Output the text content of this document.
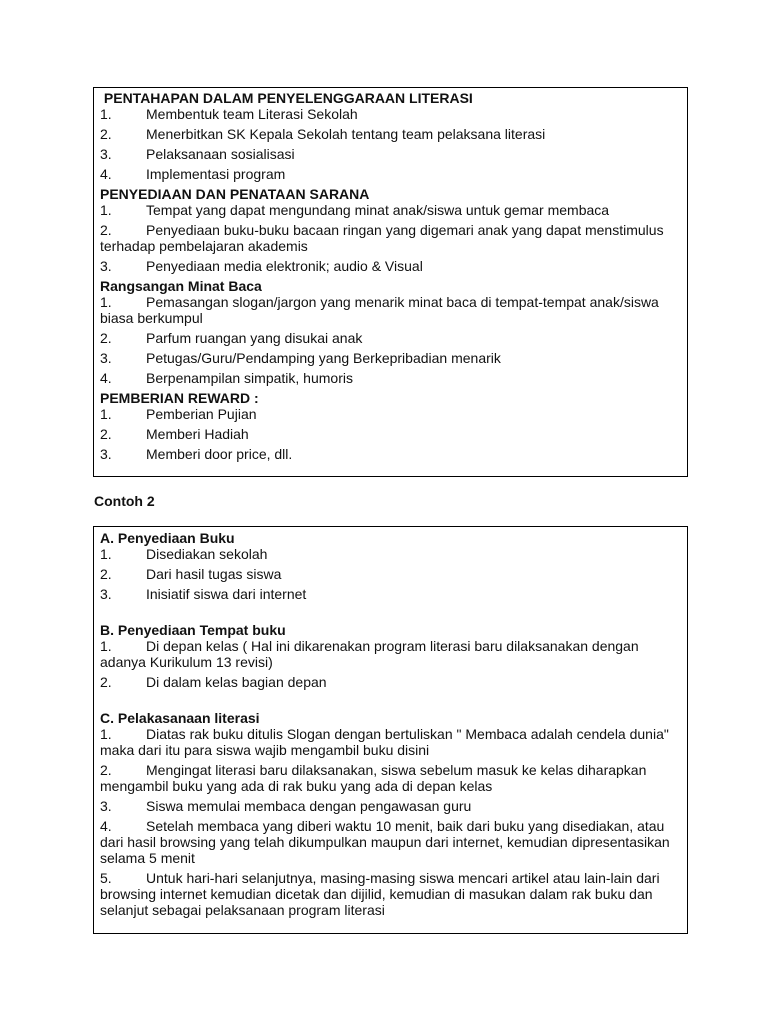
PENTAHAPAN DALAM PENYELENGGARAAN LITERASI

1. Membentuk team Literasi Sekolah

2. Menerbitkan SK Kepala Sekolah tentang team pelaksana literasi

3. Pelaksanaan sosialisasi

4. Implementasi program

PENYEDIAAN DAN PENATAAN SARANA

1. Tempat yang dapat mengundang minat anak/siswa untuk gemar membaca

2. Penyediaan buku-buku bacaan ringan yang digemari anak yang dapat menstimulus terhadap pembelajaran akademis

3. Penyediaan media elektronik; audio & Visual

Rangsangan Minat Baca

1. Pemasangan slogan/jargon yang menarik minat baca di tempat-tempat anak/siswa biasa berkumpul

2. Parfum ruangan yang disukai anak

3. Petugas/Guru/Pendamping yang Berkepribadian menarik

4. Berpenampilan simpatik, humoris

PEMBERIAN REWARD :

1. Pemberian Pujian

2. Memberi Hadiah

3. Memberi door price, dll.

Contoh 2

A. Penyediaan Buku

1. Disediakan sekolah

2. Dari hasil tugas siswa

3. Inisiatif siswa dari internet

B. Penyediaan Tempat buku

1. Di depan kelas ( Hal ini dikarenakan program literasi baru dilaksanakan dengan adanya Kurikulum 13 revisi)

2. Di dalam kelas bagian depan

C. Pelakasanaan literasi

1. Diatas rak buku ditulis Slogan dengan bertuliskan " Membaca adalah cendela dunia" maka dari itu para siswa wajib mengambil buku disini

2. Mengingat literasi baru dilaksanakan, siswa sebelum masuk ke kelas diharapkan mengambil buku yang ada di rak buku yang ada di depan kelas

3. Siswa memulai membaca dengan pengawasan guru

4. Setelah membaca yang diberi waktu 10 menit, baik dari buku yang disediakan, atau dari hasil browsing yang telah dikumpulkan maupun dari internet, kemudian dipresentasikan selama 5 menit

5. Untuk hari-hari selanjutnya, masing-masing siswa mencari artikel atau lain-lain dari browsing internet kemudian dicetak dan dijilid, kemudian di masukan dalam rak buku dan selanjut sebagai pelaksanaan program literasi
